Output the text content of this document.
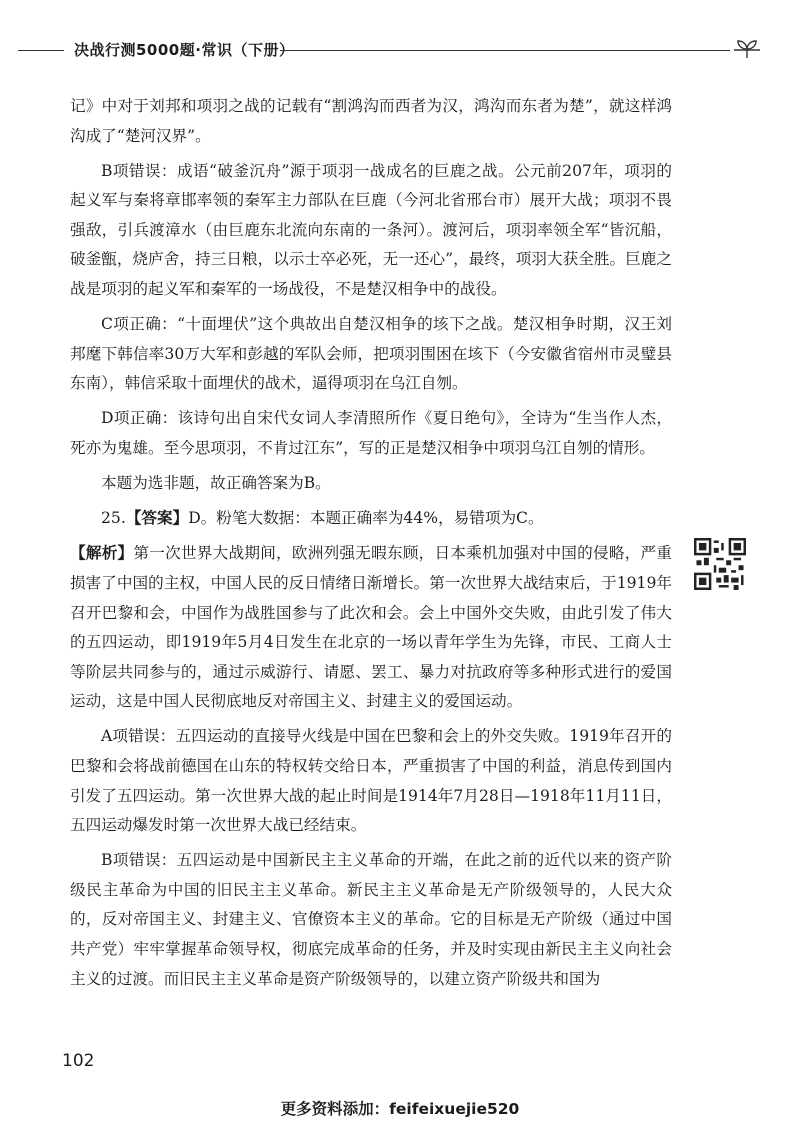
决战行测5000题·常识（下册）

记》中对于刘邦和项羽之战的记载有“割鸿沟而西者为汉，鸿沟而东者为楚”，就这样鸿沟成了“楚河汉界”。

B项错误：成语“破釜沉舟”源于项羽一战成名的巨鹿之战。公元前207年，项羽的起义军与秦将章邯率领的秦军主力部队在巨鹿（今河北省邢台市）展开大战；项羽不畏强敌，引兵渡漳水（由巨鹿东北流向东南的一条河）。渡河后，项羽率领全军“皆沉船，破釜甑，烧庐舍，持三日粮，以示士卒必死，无一还心”，最终，项羽大获全胜。巨鹿之战是项羽的起义军和秦军的一场战役，不是楚汉相争中的战役。

C项正确：“十面埋伏”这个典故出自楚汉相争的垓下之战。楚汉相争时期，汉王刘邦麾下韩信率30万大军和彭越的军队会师，把项羽围困在垓下（今安徽省宿州市灵璧县东南），韩信采取十面埋伏的战术，逼得项羽在乌江自刎。

D项正确：该诗句出自宋代女词人李清照所作《夏日绝句》，全诗为“生当作人杰，死亦为鬼雄。至今思项羽，不肯过江东”，写的正是楚汉相争中项羽乌江自刎的情形。

本题为选非题，故正确答案为B。

25.【答案】D。粉笔大数据：本题正确率为44%，易错项为C。

【解析】第一次世界大战期间，欧洲列强无暇东顾，日本乘机加强对中国的侵略，严重损害了中国的主权，中国人民的反日情绪日渐增长。第一次世界大战结束后，于1919年召开巴黎和会，中国作为战胜国参与了此次和会。会上中国外交失败，由此引发了伟大的五四运动，即1919年5月4日发生在北京的一场以青年学生为先锋，市民、工商人士等阶层共同参与的，通过示威游行、请愿、罢工、暴力对抗政府等多种形式进行的爱国运动，这是中国人民彻底地反对帝国主义、封建主义的爱国运动。

A项错误：五四运动的直接导火线是中国在巴黎和会上的外交失败。1919年召开的巴黎和会将战前德国在山东的特权转交给日本，严重损害了中国的利益，消息传到国内引发了五四运动。第一次世界大战的起止时间是1914年7月28日—1918年11月11日，五四运动爆发时第一次世界大战已经结束。

B项错误：五四运动是中国新民主主义革命的开端，在此之前的近代以来的资产阶级民主革命为中国的旧民主主义革命。新民主主义革命是无产阶级领导的，人民大众的，反对帝国主义、封建主义、官僚资本主义的革命。它的目标是无产阶级（通过中国共产党）牢牢掌握革命领导权，彻底完成革命的任务，并及时实现由新民主主义向社会主义的过渡。而旧民主主义革命是资产阶级领导的，以建立资产阶级共和国为

102
更多资料添加：feifeixuejie520
